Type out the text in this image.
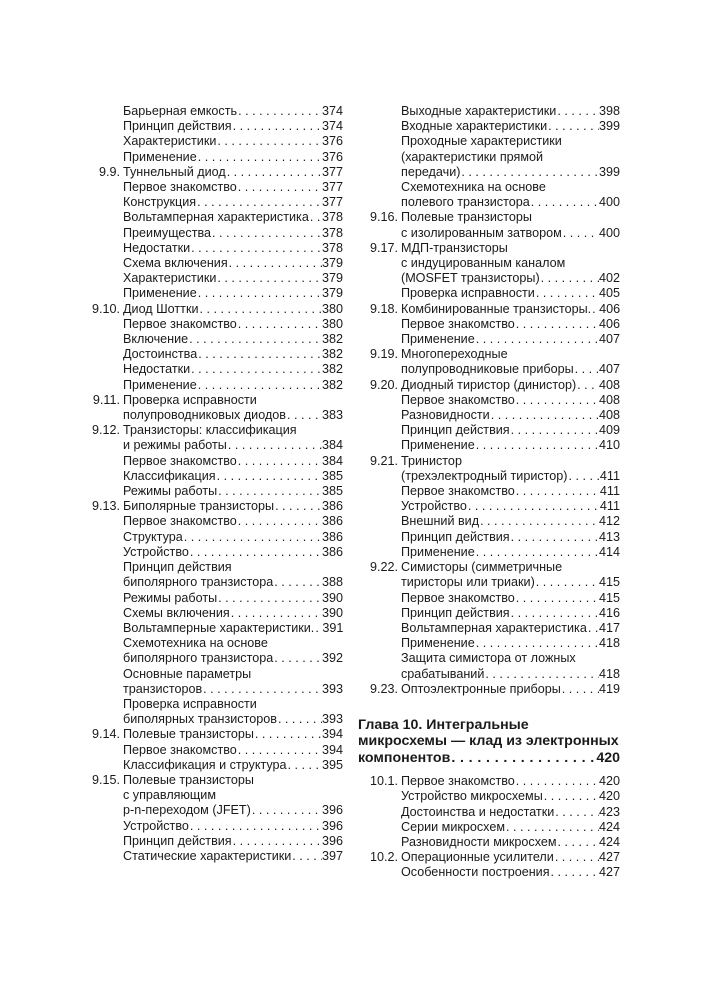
Барьерная емкость . . .	374
Принцип действия . . .	374
Характеристики . . .	376
Применение . . .	376
9.9. Туннельный диод . . .	377
Первое знакомство . . .	377
Конструкция . . .	377
Вольтамперная характеристика . . . 378
Преимущества . . .	378
Недостатки . . .	378
Схема включения . . .	379
Характеристики . . .	379
Применение . . .	379
9.10. Диод Шоттки . . .	380
Первое знакомство . . .	380
Включение . . .	382
Достоинства . . .	382
Недостатки . . .	382
Применение . . .	382
9.11. Проверка исправности
полупроводниковых диодов . . .	383
9.12. Транзисторы: классификация
и режимы работы . . .	384
Первое знакомство . . .	384
Классификация . . .	385
Режимы работы . . .	385
9.13. Биполярные транзисторы . . .	386
Первое знакомство . . .	386
Структура . . .	386
Устройство . . .	386
Принцип действия
биполярного транзистора . . .	388
Режимы работы . . .	390
Схемы включения . . .	390
Вольтамперные характеристики. . . . 391
Схемотехника на основе
биполярного транзистора . . .	392
Основные параметры
транзисторов . . .	393
Проверка исправности
биполярных транзисторов . . .	393
9.14. Полевые транзисторы . . .	394
Первое знакомство . . .	394
Классификация и структура . . .	395
9.15. Полевые транзисторы
с управляющим
p-n-переходом (JFET) . . .	396
Устройство . . .	396
Принцип действия . . .	396
Статические характеристики . . . 397
Выходные характеристики . . .	398
Входные характеристики . . .	399
Проходные характеристики
(характеристики прямой
передачи) . . .	399
Схемотехника на основе
полевого транзистора . . .	400
9.16. Полевые транзисторы
с изолированным затвором . . .	400
9.17. МДП-транзисторы
с индуцированным каналом
(MOSFET транзисторы) . . .	402
Проверка исправности . . .	405
9.18. Комбинированные транзисторы. . . . 406
Первое знакомство . . .	406
Применение . . .	407
9.19. Многопереходные
полупроводниковые приборы . . . 407
9.20. Диодный тиристор (динистор) . . . 408
Первое знакомство . . .	408
Разновидности . . .	408
Принцип действия . . .	409
Применение . . .	410
9.21. Тринистор
(трехэлектродный тиристор) . . .	411
Первое знакомство . . .	411
Устройство . . .	411
Внешний вид . . .	412
Принцип действия . . .	413
Применение . . .	414
9.22. Симисторы (симметричные
тиристоры или триаки) . . .	415
Первое знакомство . . .	415
Принцип действия . . .	416
Вольтамперная характеристика . . . 417
Применение . . .	418
Защита симистора от ложных
срабатываний . . .	418
9.23. Оптоэлектронные приборы . . .	419
Глава 10. Интегральные
микросхемы — клад из электронных
компонентов . . .	420
10.1. Первое знакомство . . .	420
Устройство микросхемы . . .	420
Достоинства и недостатки . . .	423
Серии микросхем . . .	424
Разновидности микросхем . . .	424
10.2. Операционные усилители . . .	427
Особенности построения . . .	427
